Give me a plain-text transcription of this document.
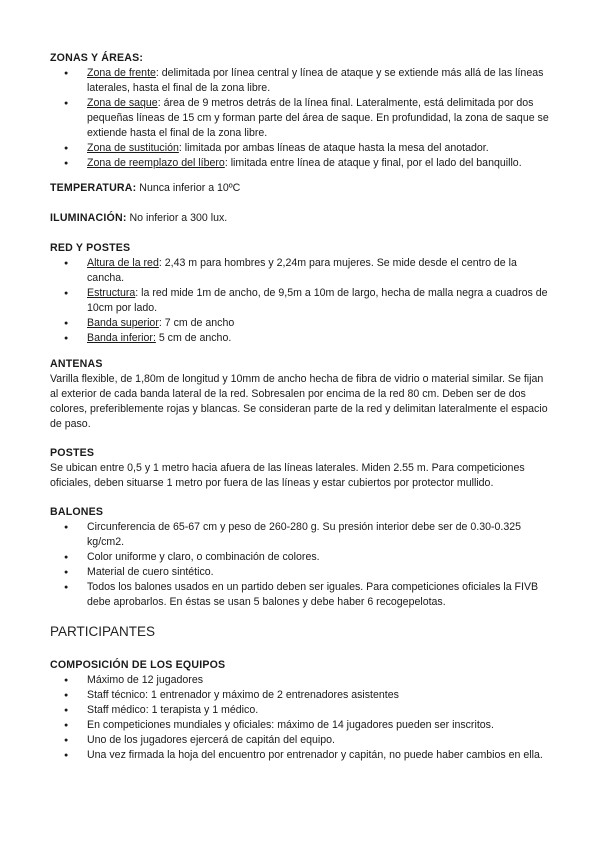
ZONAS Y ÁREAS:
● Zona de frente: delimitada por línea central y línea de ataque y se extiende más allá de las líneas laterales, hasta el final de la zona libre.
● Zona de saque: área de 9 metros detrás de la línea final. Lateralmente, está delimitada por dos pequeñas líneas de 15 cm y forman parte del área de saque. En profundidad, la zona de saque se extiende hasta el final de la zona libre.
● Zona de sustitución: limitada por ambas líneas de ataque hasta la mesa del anotador.
● Zona de reemplazo del líbero: limitada entre línea de ataque y final, por el lado del banquillo.
TEMPERATURA: Nunca inferior a 10ºC
ILUMINACIÓN: No inferior a 300 lux.
RED Y POSTES
● Altura de la red: 2,43 m para hombres y 2,24m para mujeres. Se mide desde el centro de la cancha.
● Estructura: la red mide 1m de ancho, de 9,5m a 10m de largo, hecha de malla negra a cuadros de 10cm por lado.
● Banda superior: 7 cm de ancho
● Banda inferior: 5 cm de ancho.
ANTENAS

Varilla flexible, de 1,80m de longitud y 10mm de ancho hecha de fibra de vidrio o material similar. Se fijan al exterior de cada banda lateral de la red. Sobresalen por encima de la red 80 cm. Deben ser de dos colores, preferiblemente rojas y blancas. Se consideran parte de la red y delimitan lateralmente el espacio de paso.

POSTES

Se ubican entre 0,5 y 1 metro hacia afuera de las líneas laterales. Miden 2.55 m. Para competiciones oficiales, deben situarse 1 metro por fuera de las líneas y estar cubiertos por protector mullido.

BALONES
● Circunferencia de 65-67 cm y peso de 260-280 g. Su presión interior debe ser de 0.30-0.325 kg/cm2.
● Color uniforme y claro, o combinación de colores.
● Material de cuero sintético.
● Todos los balones usados en un partido deben ser iguales. Para competiciones oficiales la FIVB debe aprobarlos. En éstas se usan 5 balones y debe haber 6 recogepelotas.
PARTICIPANTES
COMPOSICIÓN DE LOS EQUIPOS
● Máximo de 12 jugadores
● Staff técnico: 1 entrenador y máximo de 2 entrenadores asistentes
● Staff médico: 1 terapista y 1 médico.
● En competiciones mundiales y oficiales: máximo de 14 jugadores pueden ser inscritos.
● Uno de los jugadores ejercerá de capitán del equipo.
● Una vez firmada la hoja del encuentro por entrenador y capitán, no puede haber cambios en ella.
